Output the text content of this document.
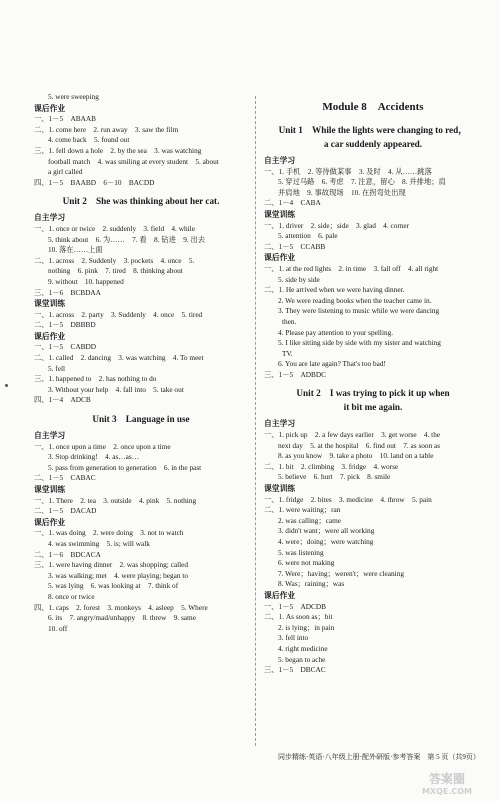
5. were sweeping
课后作业
一、1－5　ABAAB
二、1. come here　2. run away　3. saw the film
4. come back　5. found out
三、1. fell down a hole　2. by the sea　3. was watching
football match　4. was smiling at every student　5. about
a girl called
四、1－5　BAABD　6－10　BACDD
Unit 2　She was thinking about her cat.
自主学习
一、1. once or twice　2. suddenly　3. field　4. while
5. think about　6. 为……　7. 看　8. 钻进　9. 出去
10. 落在……上面
二、1. across　2. Suddenly　3. pockets　4. once　5.
nothing　6. pink　7. tired　8. thinking about
9. without　10. happened
三、1－6　BCBDAA
课堂训练
一、1. across　2. party　3. Suddenly　4. once　5. tired
二、1－5　DBBBD
课后作业
一、1－5　CABDD
二、1. called　2. dancing　3. was watching　4. To meet
5. fell
三、1. happened to　2. has nothing to do
3. Without your help　4. fall into　5. take out
四、1－4　ADCB
Unit 3　Language in use
自主学习
一、1. once upon a time　2. once upon a time
3. Stop drinking!　4. as…as…
5. pass from generation to generation　6. in the past
二、1－5　CABAC
课堂训练
一、1. There　2. tea　3. outside　4. pink　5. nothing
二、1－5　DACAD
课后作业
一、1. was doing　2. were doing　3. not to watch
4. was swimming　5. is; will walk
二、1－6　BDCACA
三、1. were having dinner　2. was shopping; called
3. was walking; met　4. were playing; began to
5. was lying　6. was looking at　7. think of
8. once or twice
四、1. caps　2. forest　3. monkeys　4. asleep　5. Where
6. its　7. angry/mad/unhappy　8. threw　9. same
10. off
Module 8　Accidents
Unit 1　While the lights were changing to red，
a car suddenly appeared.
自主学习
一、1. 手机　2. 等待做某事　3. 及时　4. 从……跳落
5. 穿过马路　6. 考虑　7. 注意，留心　8. 并排地；肩
并肩地　9. 事故现场　10. 在拐弯处出现
二、1－4　CABA
课堂训练
一、1. driver　2. side；side　3. glad　4. corner
5. attention　6. pale
二、1－5　CCABB
课后作业
一、1. at the red lights　2. in time　3. fall off　4. all right
5. side by side
二、1. He arrived when we were having dinner.
2. We were reading books when the teacher came in.
3. They were listening to music while we were dancing
then.
4. Please pay attention to your spelling.
5. I like sitting side by side with my sister and watching
TV.
6. You are late again? That's too bad!
三、1－5　ADBDC
Unit 2　I was trying to pick it up when
it bit me again.
自主学习
一、1. pick up　2. a few days earlier　3. get worse　4. the
next day　5. at the hospital　6. find out　7. as soon as
8. as you know　9. take a photo　10. land on a table
二、1. bit　2. climbing　3. fridge　4. worse
5. believe　6. hurt　7. pick　8. smile
课堂训练
一、1. fridge　2. bites　3. medicine　4. throw　5. pain
二、1. were waiting；ran
2. was calling；came
3. didn't want；were all working
4. were；doing；were watching
5. was listening
6. were not making
7. Were；having；weren't；were cleaning
8. Was；raining；was
课后作业
一、1－5　ADCDB
二、1. As soon as；bit
2. is lying；in pain
3. fell into
4. right medicine
5. began to ache
三、1－5　DBCAC
同步精练·英语·八年级上册·配外研版·参考答案　第 5 页（共9页）
答案圈
MXQE.COM
